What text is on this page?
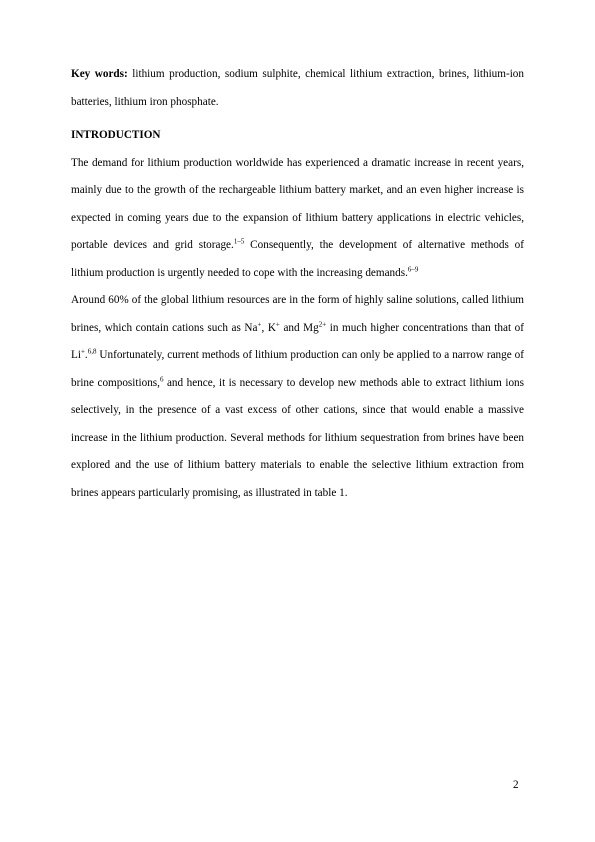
Key words: lithium production, sodium sulphite, chemical lithium extraction, brines, lithium-ion batteries, lithium iron phosphate.

INTRODUCTION

The demand for lithium production worldwide has experienced a dramatic increase in recent years, mainly due to the growth of the rechargeable lithium battery market, and an even higher increase is expected in coming years due to the expansion of lithium battery applications in electric vehicles, portable devices and grid storage.$^{1-5}$ Consequently, the development of alternative methods of lithium production is urgently needed to cope with the increasing demands.$^{6-9}$

Around 60% of the global lithium resources are in the form of highly saline solutions, called lithium brines, which contain cations such as Na+, K+ and $Mg^{2+}$ in much higher concentrations than that of Li+.$^{6,8}$ Unfortunately, current methods of lithium production can only be applied to a narrow range of brine compositions,$^6$ and hence, it is necessary to develop new methods able to extract lithium ions selectively, in the presence of a vast excess of other cations, since that would enable a massive increase in the lithium production. Several methods for lithium sequestration from brines have been explored and the use of lithium battery materials to enable the selective lithium extraction from brines appears particularly promising, as illustrated in table 1.

2
